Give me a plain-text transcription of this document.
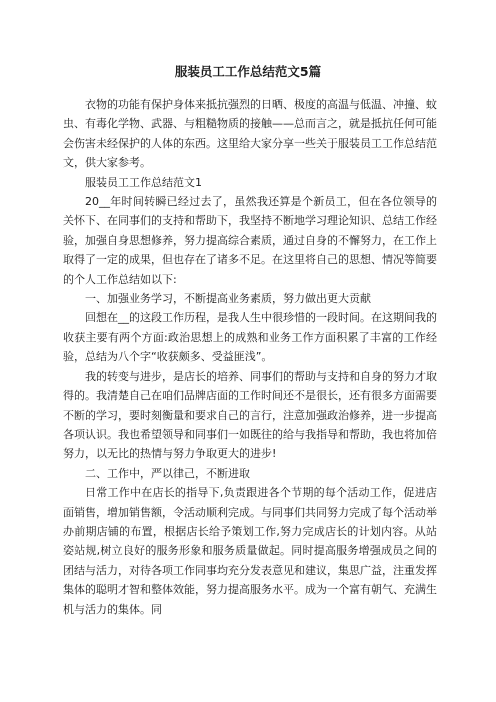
服装员工工作总结范文5篇

衣物的功能有保护身体来抵抗强烈的日晒、极度的高温与低温、冲撞、蚊虫、有毒化学物、武器、与粗糙物质的接触——总而言之，就是抵抗任何可能会伤害未经保护的人体的东西。这里给大家分享一些关于服装员工工作总结范文，供大家参考。

服装员工工作总结范文1

20__年时间转瞬已经过去了，虽然我还算是个新员工，但在各位领导的关怀下、在同事们的支持和帮助下，我坚持不断地学习理论知识、总结工作经验，加强自身思想修养，努力提高综合素质，通过自身的不懈努力，在工作上取得了一定的成果，但也存在了诸多不足。在这里将自己的思想、情况等简要的个人工作总结如以下:

一、加强业务学习，不断提高业务素质，努力做出更大贡献

回想在__的这段工作历程，是我人生中很珍惜的一段时间。在这期间我的收获主要有两个方面:政治思想上的成熟和业务工作方面积累了丰富的工作经验，总结为八个字“收获颇多、受益匪浅”。

我的转变与进步，是店长的培养、同事们的帮助与支持和自身的努力才取得的。我清楚自己在咱们品牌店面的工作时间还不是很长，还有很多方面需要不断的学习，要时刻衡量和要求自己的言行，注意加强政治修养，进一步提高各项认识。我也希望领导和同事们一如既往的给与我指导和帮助，我也将加倍努力，以无比的热情与努力争取更大的进步!

二、工作中，严以律己，不断进取

日常工作中在店长的指导下,负责跟进各个节期的每个活动工作，促进店面销售，增加销售额，令活动顺利完成。与同事们共同努力完成了每个活动举办前期店铺的布置，根据店长给予策划工作,努力完成店长的计划内容。从站姿站规,树立良好的服务形象和服务质量做起。同时提高服务增强成员之间的团结与活力，对待各项工作同事均充分发表意见和建议，集思广益，注重发挥集体的聪明才智和整体效能，努力提高服务水平。成为一个富有朝气、充满生机与活力的集体。同
